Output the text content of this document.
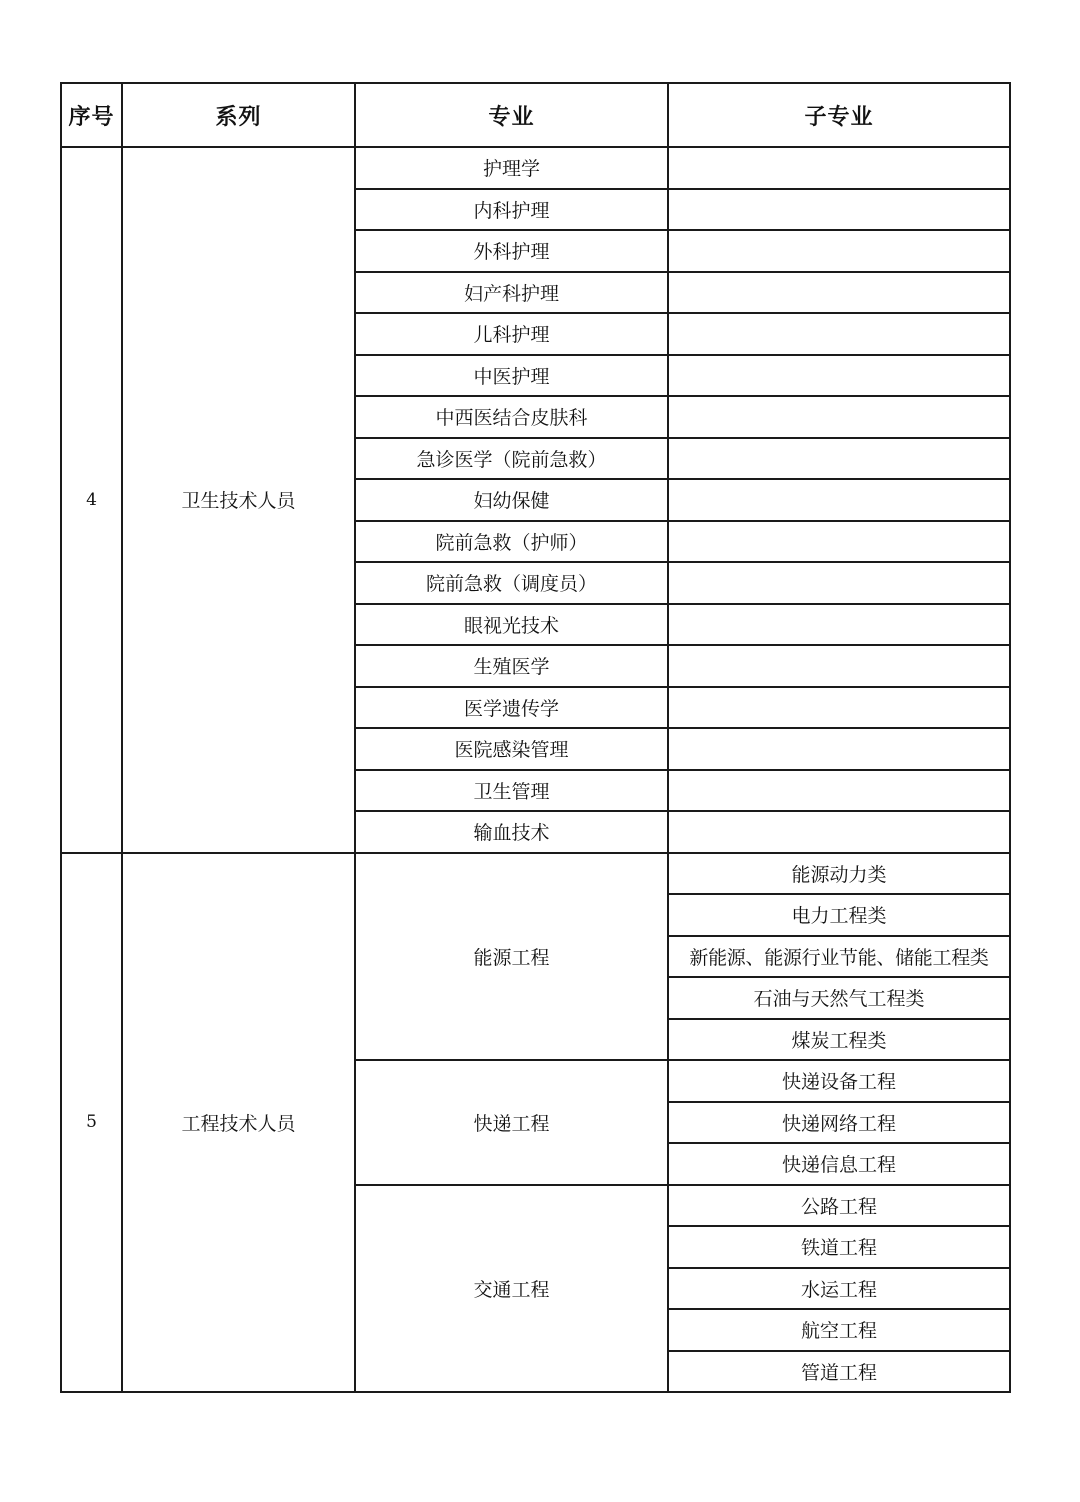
序号	系列	专业	子专业
4	卫生技术人员	护理学	
		内科护理	
		外科护理	
		妇产科护理	
		儿科护理	
		中医护理	
		中西医结合皮肤科	
		急诊医学（院前急救）	
		妇幼保健	
		院前急救（护师）	
		院前急救（调度员）	
		眼视光技术	
		生殖医学	
		医学遗传学	
		医院感染管理	
		卫生管理	
		输血技术	
5	工程技术人员	能源工程	能源动力类
			电力工程类
			新能源、能源行业节能、储能工程类
			石油与天然气工程类
			煤炭工程类
		快递工程	快递设备工程
			快递网络工程
			快递信息工程
		交通工程	公路工程
			铁道工程
			水运工程
			航空工程
			管道工程
